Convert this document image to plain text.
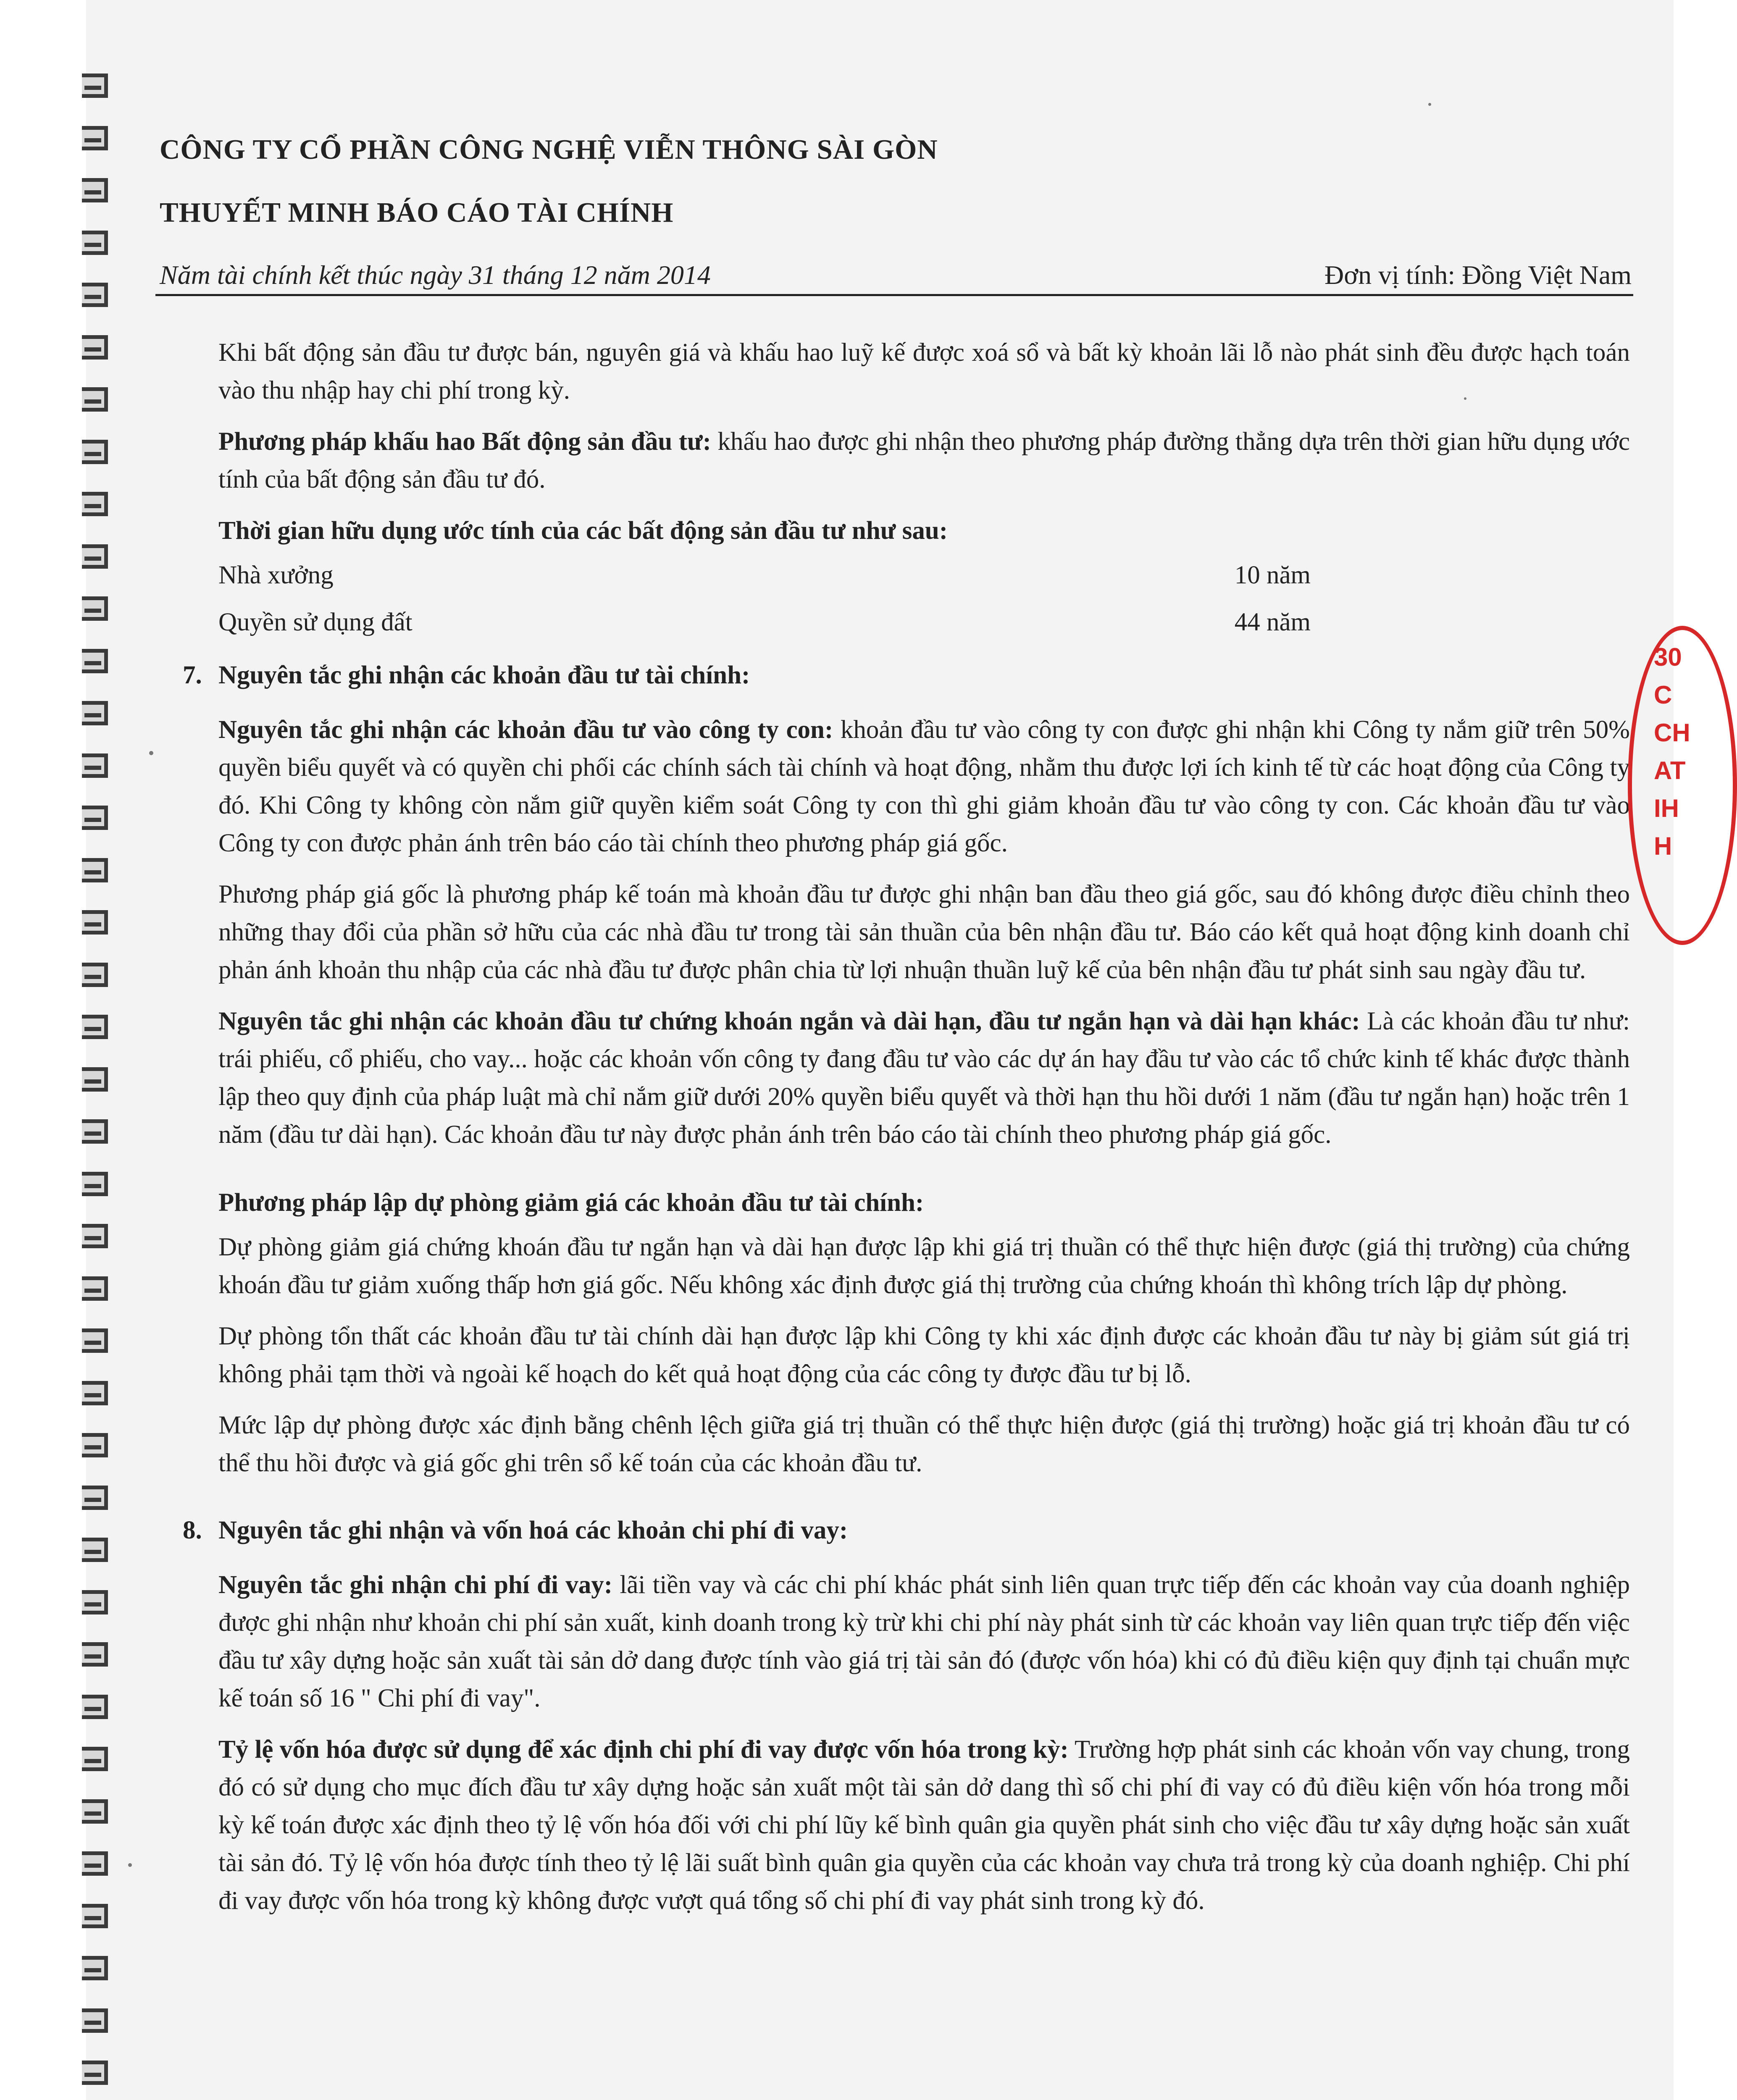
CÔNG TY CỔ PHẦN CÔNG NGHỆ VIỄN THÔNG SÀI GÒN
THUYẾT MINH BÁO CÁO TÀI CHÍNH
Năm tài chính kết thúc ngày 31 tháng 12 năm 2014	Đơn vị tính: Đồng Việt Nam

Khi bất động sản đầu tư được bán, nguyên giá và khấu hao luỹ kế được xoá sổ và bất kỳ khoản lãi lỗ nào phát sinh đều được hạch toán vào thu nhập hay chi phí trong kỳ.

Phương pháp khấu hao Bất động sản đầu tư: khấu hao được ghi nhận theo phương pháp đường thẳng dựa trên thời gian hữu dụng ước tính của bất động sản đầu tư đó.

Thời gian hữu dụng ước tính của các bất động sản đầu tư như sau:

Nhà xưởng	10 năm
Quyền sử dụng đất	44 năm
7. Nguyên tắc ghi nhận các khoản đầu tư tài chính:

Nguyên tắc ghi nhận các khoản đầu tư vào công ty con: khoản đầu tư vào công ty con được ghi nhận khi Công ty nắm giữ trên 50% quyền biểu quyết và có quyền chi phối các chính sách tài chính và hoạt động, nhằm thu được lợi ích kinh tế từ các hoạt động của Công ty đó. Khi Công ty không còn nắm giữ quyền kiểm soát Công ty con thì ghi giảm khoản đầu tư vào công ty con. Các khoản đầu tư vào Công ty con được phản ánh trên báo cáo tài chính theo phương pháp giá gốc.

Phương pháp giá gốc là phương pháp kế toán mà khoản đầu tư được ghi nhận ban đầu theo giá gốc, sau đó không được điều chỉnh theo những thay đổi của phần sở hữu của các nhà đầu tư trong tài sản thuần của bên nhận đầu tư. Báo cáo kết quả hoạt động kinh doanh chỉ phản ánh khoản thu nhập của các nhà đầu tư được phân chia từ lợi nhuận thuần luỹ kế của bên nhận đầu tư phát sinh sau ngày đầu tư.

Nguyên tắc ghi nhận các khoản đầu tư chứng khoán ngắn và dài hạn, đầu tư ngắn hạn và dài hạn khác: Là các khoản đầu tư như: trái phiếu, cổ phiếu, cho vay... hoặc các khoản vốn công ty đang đầu tư vào các dự án hay đầu tư vào các tổ chức kinh tế khác được thành lập theo quy định của pháp luật mà chỉ nắm giữ dưới 20% quyền biểu quyết và thời hạn thu hồi dưới 1 năm (đầu tư ngắn hạn) hoặc trên 1 năm (đầu tư dài hạn). Các khoản đầu tư này được phản ánh trên báo cáo tài chính theo phương pháp giá gốc.

Phương pháp lập dự phòng giảm giá các khoản đầu tư tài chính:

Dự phòng giảm giá chứng khoán đầu tư ngắn hạn và dài hạn được lập khi giá trị thuần có thể thực hiện được (giá thị trường) của chứng khoán đầu tư giảm xuống thấp hơn giá gốc. Nếu không xác định được giá thị trường của chứng khoán thì không trích lập dự phòng.

Dự phòng tổn thất các khoản đầu tư tài chính dài hạn được lập khi Công ty khi xác định được các khoản đầu tư này bị giảm sút giá trị không phải tạm thời và ngoài kế hoạch do kết quả hoạt động của các công ty được đầu tư bị lỗ.

Mức lập dự phòng được xác định bằng chênh lệch giữa giá trị thuần có thể thực hiện được (giá thị trường) hoặc giá trị khoản đầu tư có thể thu hồi được và giá gốc ghi trên sổ kế toán của các khoản đầu tư.

8. Nguyên tắc ghi nhận và vốn hoá các khoản chi phí đi vay:

Nguyên tắc ghi nhận chi phí đi vay: lãi tiền vay và các chi phí khác phát sinh liên quan trực tiếp đến các khoản vay của doanh nghiệp được ghi nhận như khoản chi phí sản xuất, kinh doanh trong kỳ trừ khi chi phí này phát sinh từ các khoản vay liên quan trực tiếp đến việc đầu tư xây dựng hoặc sản xuất tài sản dở dang được tính vào giá trị tài sản đó (được vốn hóa) khi có đủ điều kiện quy định tại chuẩn mực kế toán số 16 " Chi phí đi vay".

Tỷ lệ vốn hóa được sử dụng để xác định chi phí đi vay được vốn hóa trong kỳ: Trường hợp phát sinh các khoản vốn vay chung, trong đó có sử dụng cho mục đích đầu tư xây dựng hoặc sản xuất một tài sản dở dang thì số chi phí đi vay có đủ điều kiện vốn hóa trong mỗi kỳ kế toán được xác định theo tỷ lệ vốn hóa đối với chi phí lũy kế bình quân gia quyền phát sinh cho việc đầu tư xây dựng hoặc sản xuất tài sản đó. Tỷ lệ vốn hóa được tính theo tỷ lệ lãi suất bình quân gia quyền của các khoản vay chưa trả trong kỳ của doanh nghiệp. Chi phí đi vay được vốn hóa trong kỳ không được vượt quá tổng số chi phí đi vay phát sinh trong kỳ đó.

30
C
CH
AT
IH
H
